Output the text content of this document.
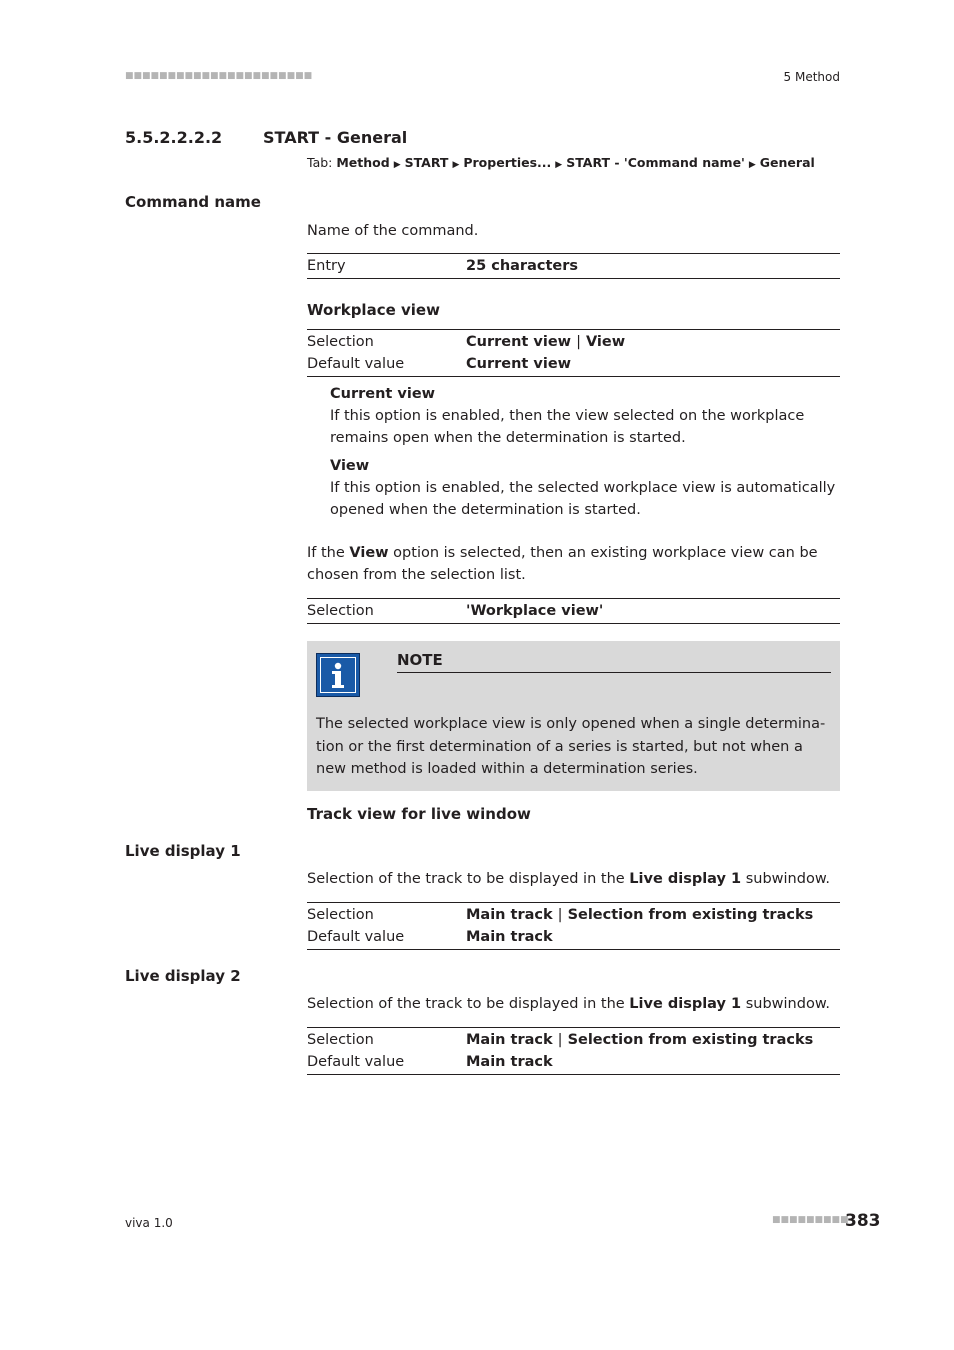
■■■■■■■■■■■■■■■■■■■■■■	5 Method
5.5.2.2.2.2	START - General
Tab: Method ▶ START ▶ Properties... ▶ START - 'Command name' ▶ General
Command name
Name of the command.
Entry	25 characters
Workplace view
Selection	Current view | View
Default value	Current view
Current view
If this option is enabled, then the view selected on the workplace remains open when the determination is started.
View
If this option is enabled, the selected workplace view is automatically opened when the determination is started.
If the View option is selected, then an existing workplace view can be chosen from the selection list.
Selection	'Workplace view'
NOTE
The selected workplace view is only opened when a single determina-tion or the first determination of a series is started, but not when a new method is loaded within a determination series.
Track view for live window
Live display 1
Selection of the track to be displayed in the Live display 1 subwindow.
Selection	Main track | Selection from existing tracks
Default value	Main track
Live display 2
Selection of the track to be displayed in the Live display 1 subwindow.
Selection	Main track | Selection from existing tracks
Default value	Main track
viva 1.0	■■■■■■■■■
383
